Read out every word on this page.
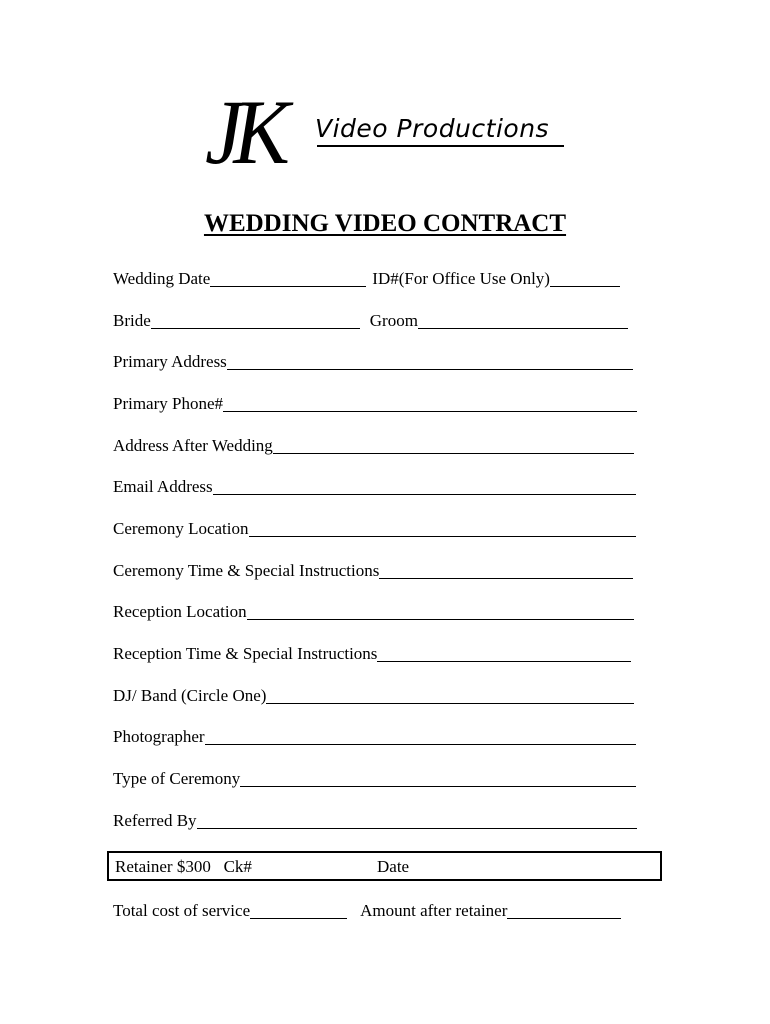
JK Video Productions
WEDDING VIDEO CONTRACT
Wedding Date	ID#(For Office Use Only)
Bride	Groom
Primary Address
Primary Phone#
Address After Wedding
Email Address
Ceremony Location
Ceremony Time & Special Instructions
Reception Location
Reception Time & Special Instructions
DJ/ Band (Circle One)
Photographer
Type of Ceremony
Referred By
Retainer $300   Ck#	Date
Total cost of service	Amount after retainer
